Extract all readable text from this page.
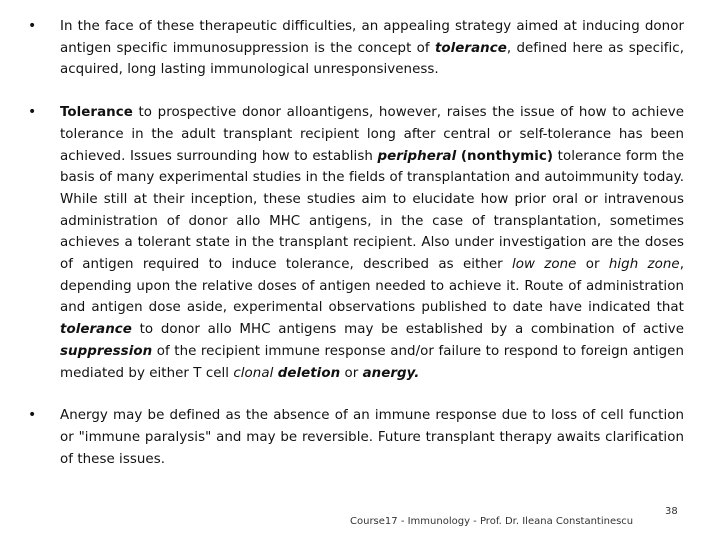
•	In the face of these therapeutic difficulties, an appealing strategy aimed at inducing donor antigen specific immunosuppression is the concept of tolerance, defined here as specific, acquired, long lasting immunological unresponsiveness.

•	Tolerance to prospective donor alloantigens, however, raises the issue of how to achieve tolerance in the adult transplant recipient long after central or self-tolerance has been achieved. Issues surrounding how to establish peripheral (nonthymic) tolerance form the basis of many experimental studies in the fields of transplantation and autoimmunity today. While still at their inception, these studies aim to elucidate how prior oral or intravenous administration of donor allo MHC antigens, in the case of transplantation, sometimes achieves a tolerant state in the transplant recipient. Also under investigation are the doses of antigen required to induce tolerance, described as either low zone or high zone, depending upon the relative doses of antigen needed to achieve it. Route of administration and antigen dose aside, experimental observations published to date have indicated that tolerance to donor allo MHC antigens may be established by a combination of active suppression of the recipient immune response and/or failure to respond to foreign antigen mediated by either T cell clonal deletion or anergy.

•	Anergy may be defined as the absence of an immune response due to loss of cell function or "immune paralysis" and may be reversible. Future transplant therapy awaits clarification of these issues.

Course17 - Immunology - Prof. Dr. Ileana Constantinescu
38
